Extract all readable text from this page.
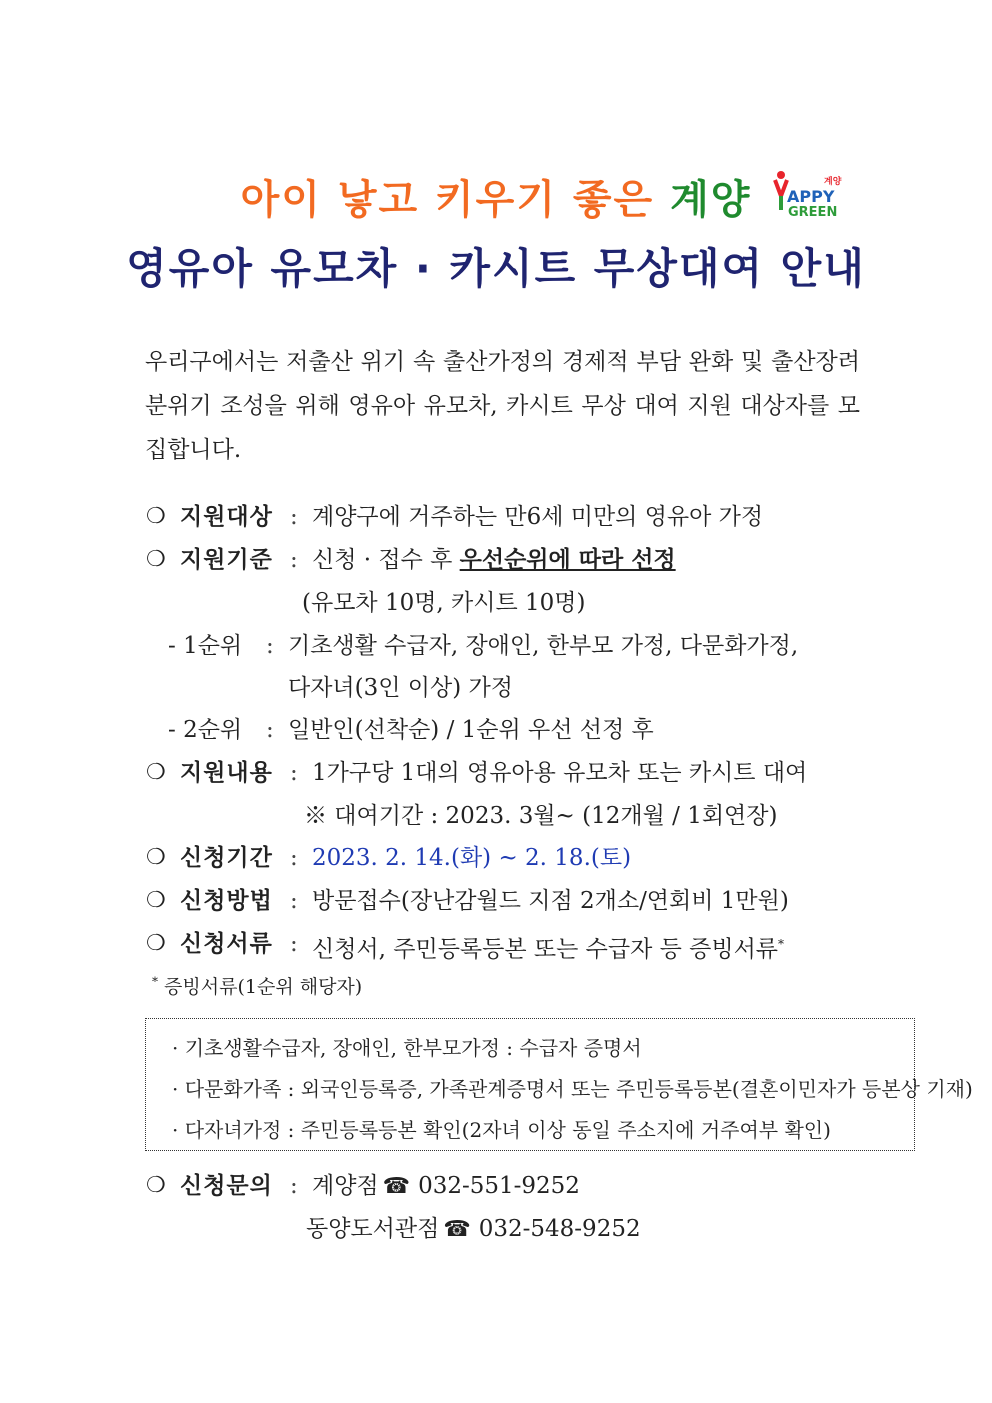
아이 낳고 키우기 좋은 계양	계양
APPY
GREEN
영유아 유모차 · 카시트 무상대여 안내
우리구에서는 저출산 위기 속 출산가정의 경제적 부담 완화 및 출산장려 분위기 조성을 위해 영유아 유모차, 카시트 무상 대여 지원 대상자를 모집합니다.
❍ 지원대상 : 계양구에 거주하는 만6세 미만의 영유아 가정
❍ 지원기준 : 신청 · 접수 후 우선순위에 따라 선정
(유모차 10명, 카시트 10명)
- 1순위 : 기초생활 수급자, 장애인, 한부모 가정, 다문화가정,
다자녀(3인 이상) 가정
- 2순위 : 일반인(선착순) / 1순위 우선 선정 후
❍ 지원내용 : 1가구당 1대의 영유아용 유모차 또는 카시트 대여
※ 대여기간 : 2023. 3월~ (12개월 / 1회연장)
❍ 신청기간 : 2023. 2. 14.(화) ~ 2. 18.(토)
❍ 신청방법 : 방문접수(장난감월드 지점 2개소/연회비 1만원)
❍ 신청서류 : 신청서, 주민등록등본 또는 수급자 등 증빙서류*
* 증빙서류(1순위 해당자)
· 기초생활수급자, 장애인, 한부모가정 : 수급자 증명서
· 다문화가족 : 외국인등록증, 가족관계증명서 또는 주민등록등본(결혼이민자가 등본상 기재)
· 다자녀가정 : 주민등록등본 확인(2자녀 이상 동일 주소지에 거주여부 확인)
❍ 신청문의 : 계양점 ☎ 032-551-9252
동양도서관점 ☎ 032-548-9252
